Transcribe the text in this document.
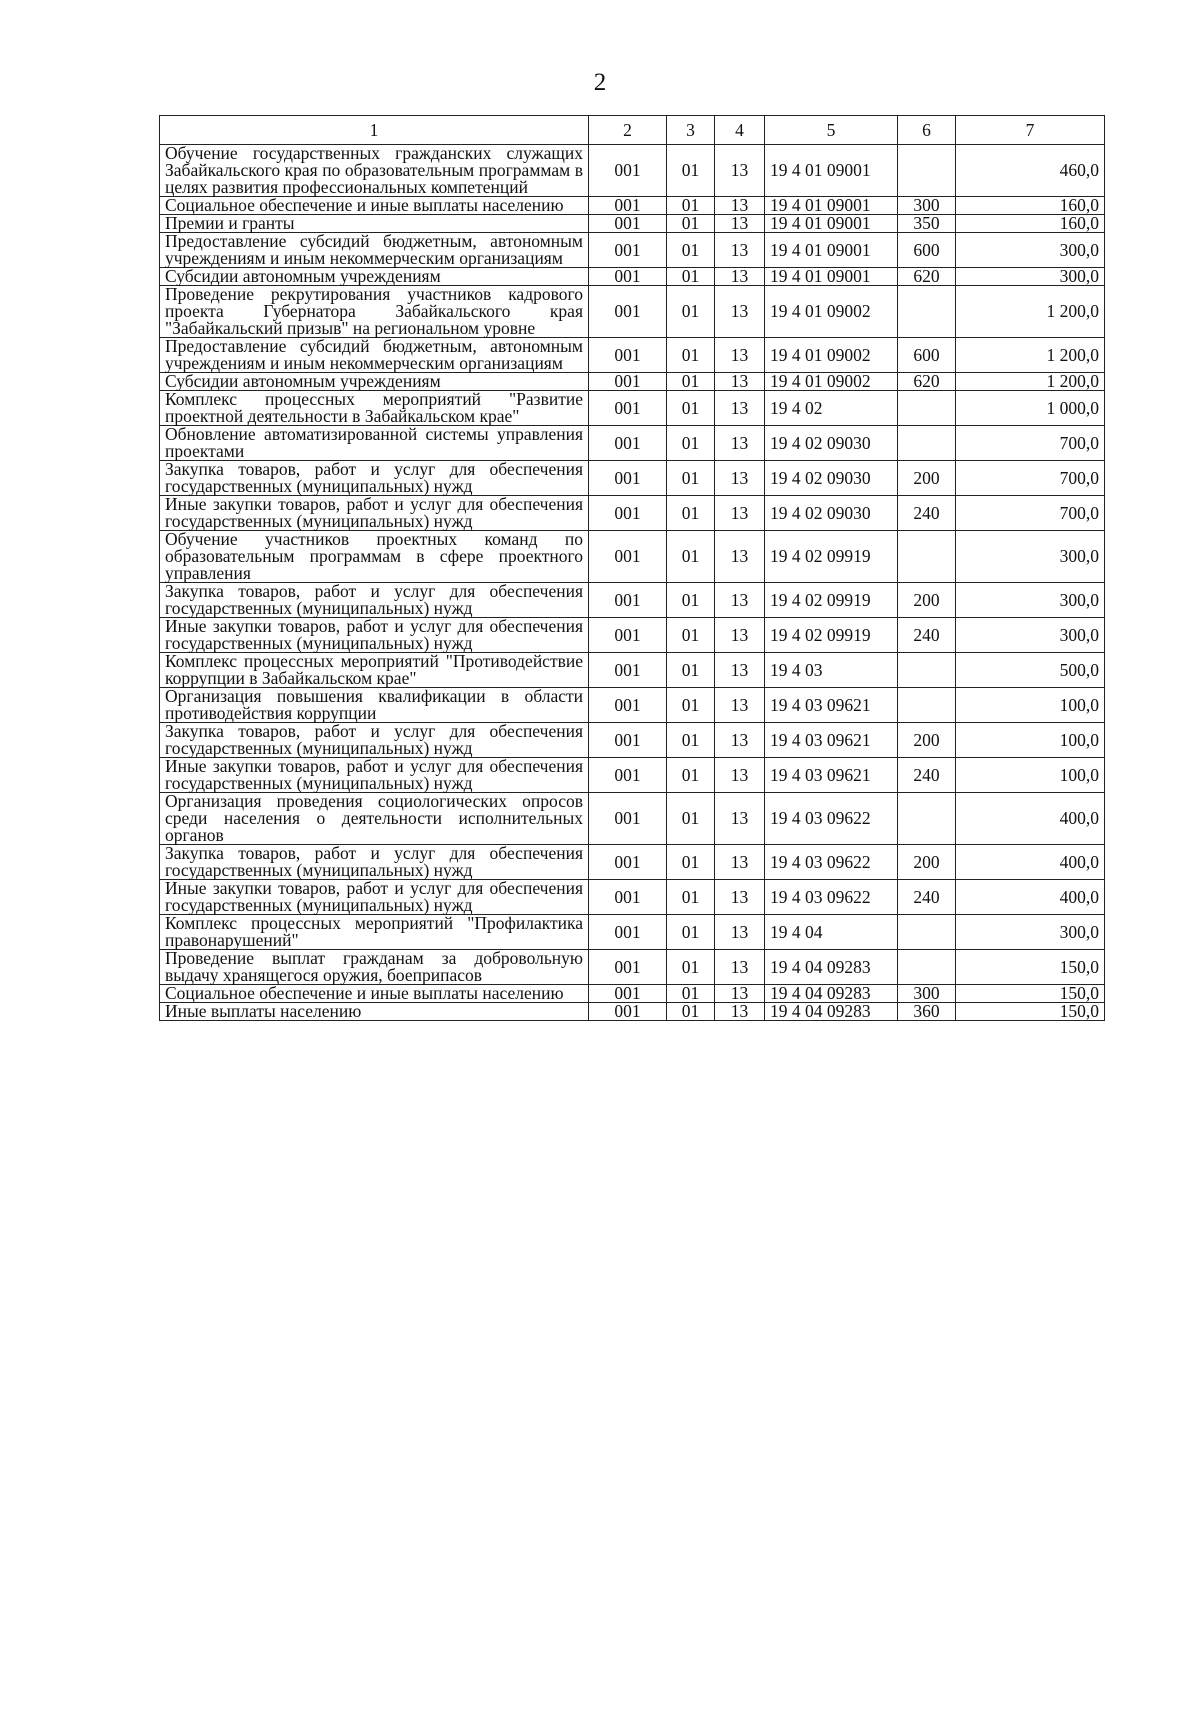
2
1	2	3	4	5	6	7
Обучение государственных гражданских служащих Забайкальского края по образовательным программам в целях развития профессиональных компетенций	001	01	13	19 4 01 09001		460,0
Социальное обеспечение и иные выплаты населению	001	01	13	19 4 01 09001	300	160,0
Премии и гранты	001	01	13	19 4 01 09001	350	160,0
Предоставление субсидий бюджетным, автономным учреждениям и иным некоммерческим организациям	001	01	13	19 4 01 09001	600	300,0
Субсидии автономным учреждениям	001	01	13	19 4 01 09001	620	300,0
Проведение рекрутирования участников кадрового проекта Губернатора Забайкальского края "Забайкальский призыв" на региональном уровне	001	01	13	19 4 01 09002		1 200,0
Предоставление субсидий бюджетным, автономным учреждениям и иным некоммерческим организациям	001	01	13	19 4 01 09002	600	1 200,0
Субсидии автономным учреждениям	001	01	13	19 4 01 09002	620	1 200,0
Комплекс процессных мероприятий "Развитие проектной деятельности в Забайкальском крае"	001	01	13	19 4 02		1 000,0
Обновление автоматизированной системы управления проектами	001	01	13	19 4 02 09030		700,0
Закупка товаров, работ и услуг для обеспечения государственных (муниципальных) нужд	001	01	13	19 4 02 09030	200	700,0
Иные закупки товаров, работ и услуг для обеспечения государственных (муниципальных) нужд	001	01	13	19 4 02 09030	240	700,0
Обучение участников проектных команд по образовательным программам в сфере проектного управления	001	01	13	19 4 02 09919		300,0
Закупка товаров, работ и услуг для обеспечения государственных (муниципальных) нужд	001	01	13	19 4 02 09919	200	300,0
Иные закупки товаров, работ и услуг для обеспечения государственных (муниципальных) нужд	001	01	13	19 4 02 09919	240	300,0
Комплекс процессных мероприятий "Противодействие коррупции в Забайкальском крае"	001	01	13	19 4 03		500,0
Организация повышения квалификации в области противодействия коррупции	001	01	13	19 4 03 09621		100,0
Закупка товаров, работ и услуг для обеспечения государственных (муниципальных) нужд	001	01	13	19 4 03 09621	200	100,0
Иные закупки товаров, работ и услуг для обеспечения государственных (муниципальных) нужд	001	01	13	19 4 03 09621	240	100,0
Организация проведения социологических опросов среди населения о деятельности исполнительных органов	001	01	13	19 4 03 09622		400,0
Закупка товаров, работ и услуг для обеспечения государственных (муниципальных) нужд	001	01	13	19 4 03 09622	200	400,0
Иные закупки товаров, работ и услуг для обеспечения государственных (муниципальных) нужд	001	01	13	19 4 03 09622	240	400,0
Комплекс процессных мероприятий "Профилактика правонарушений"	001	01	13	19 4 04		300,0
Проведение выплат гражданам за добровольную выдачу хранящегося оружия, боеприпасов	001	01	13	19 4 04 09283		150,0
Социальное обеспечение и иные выплаты населению	001	01	13	19 4 04 09283	300	150,0
Иные выплаты населению	001	01	13	19 4 04 09283	360	150,0
